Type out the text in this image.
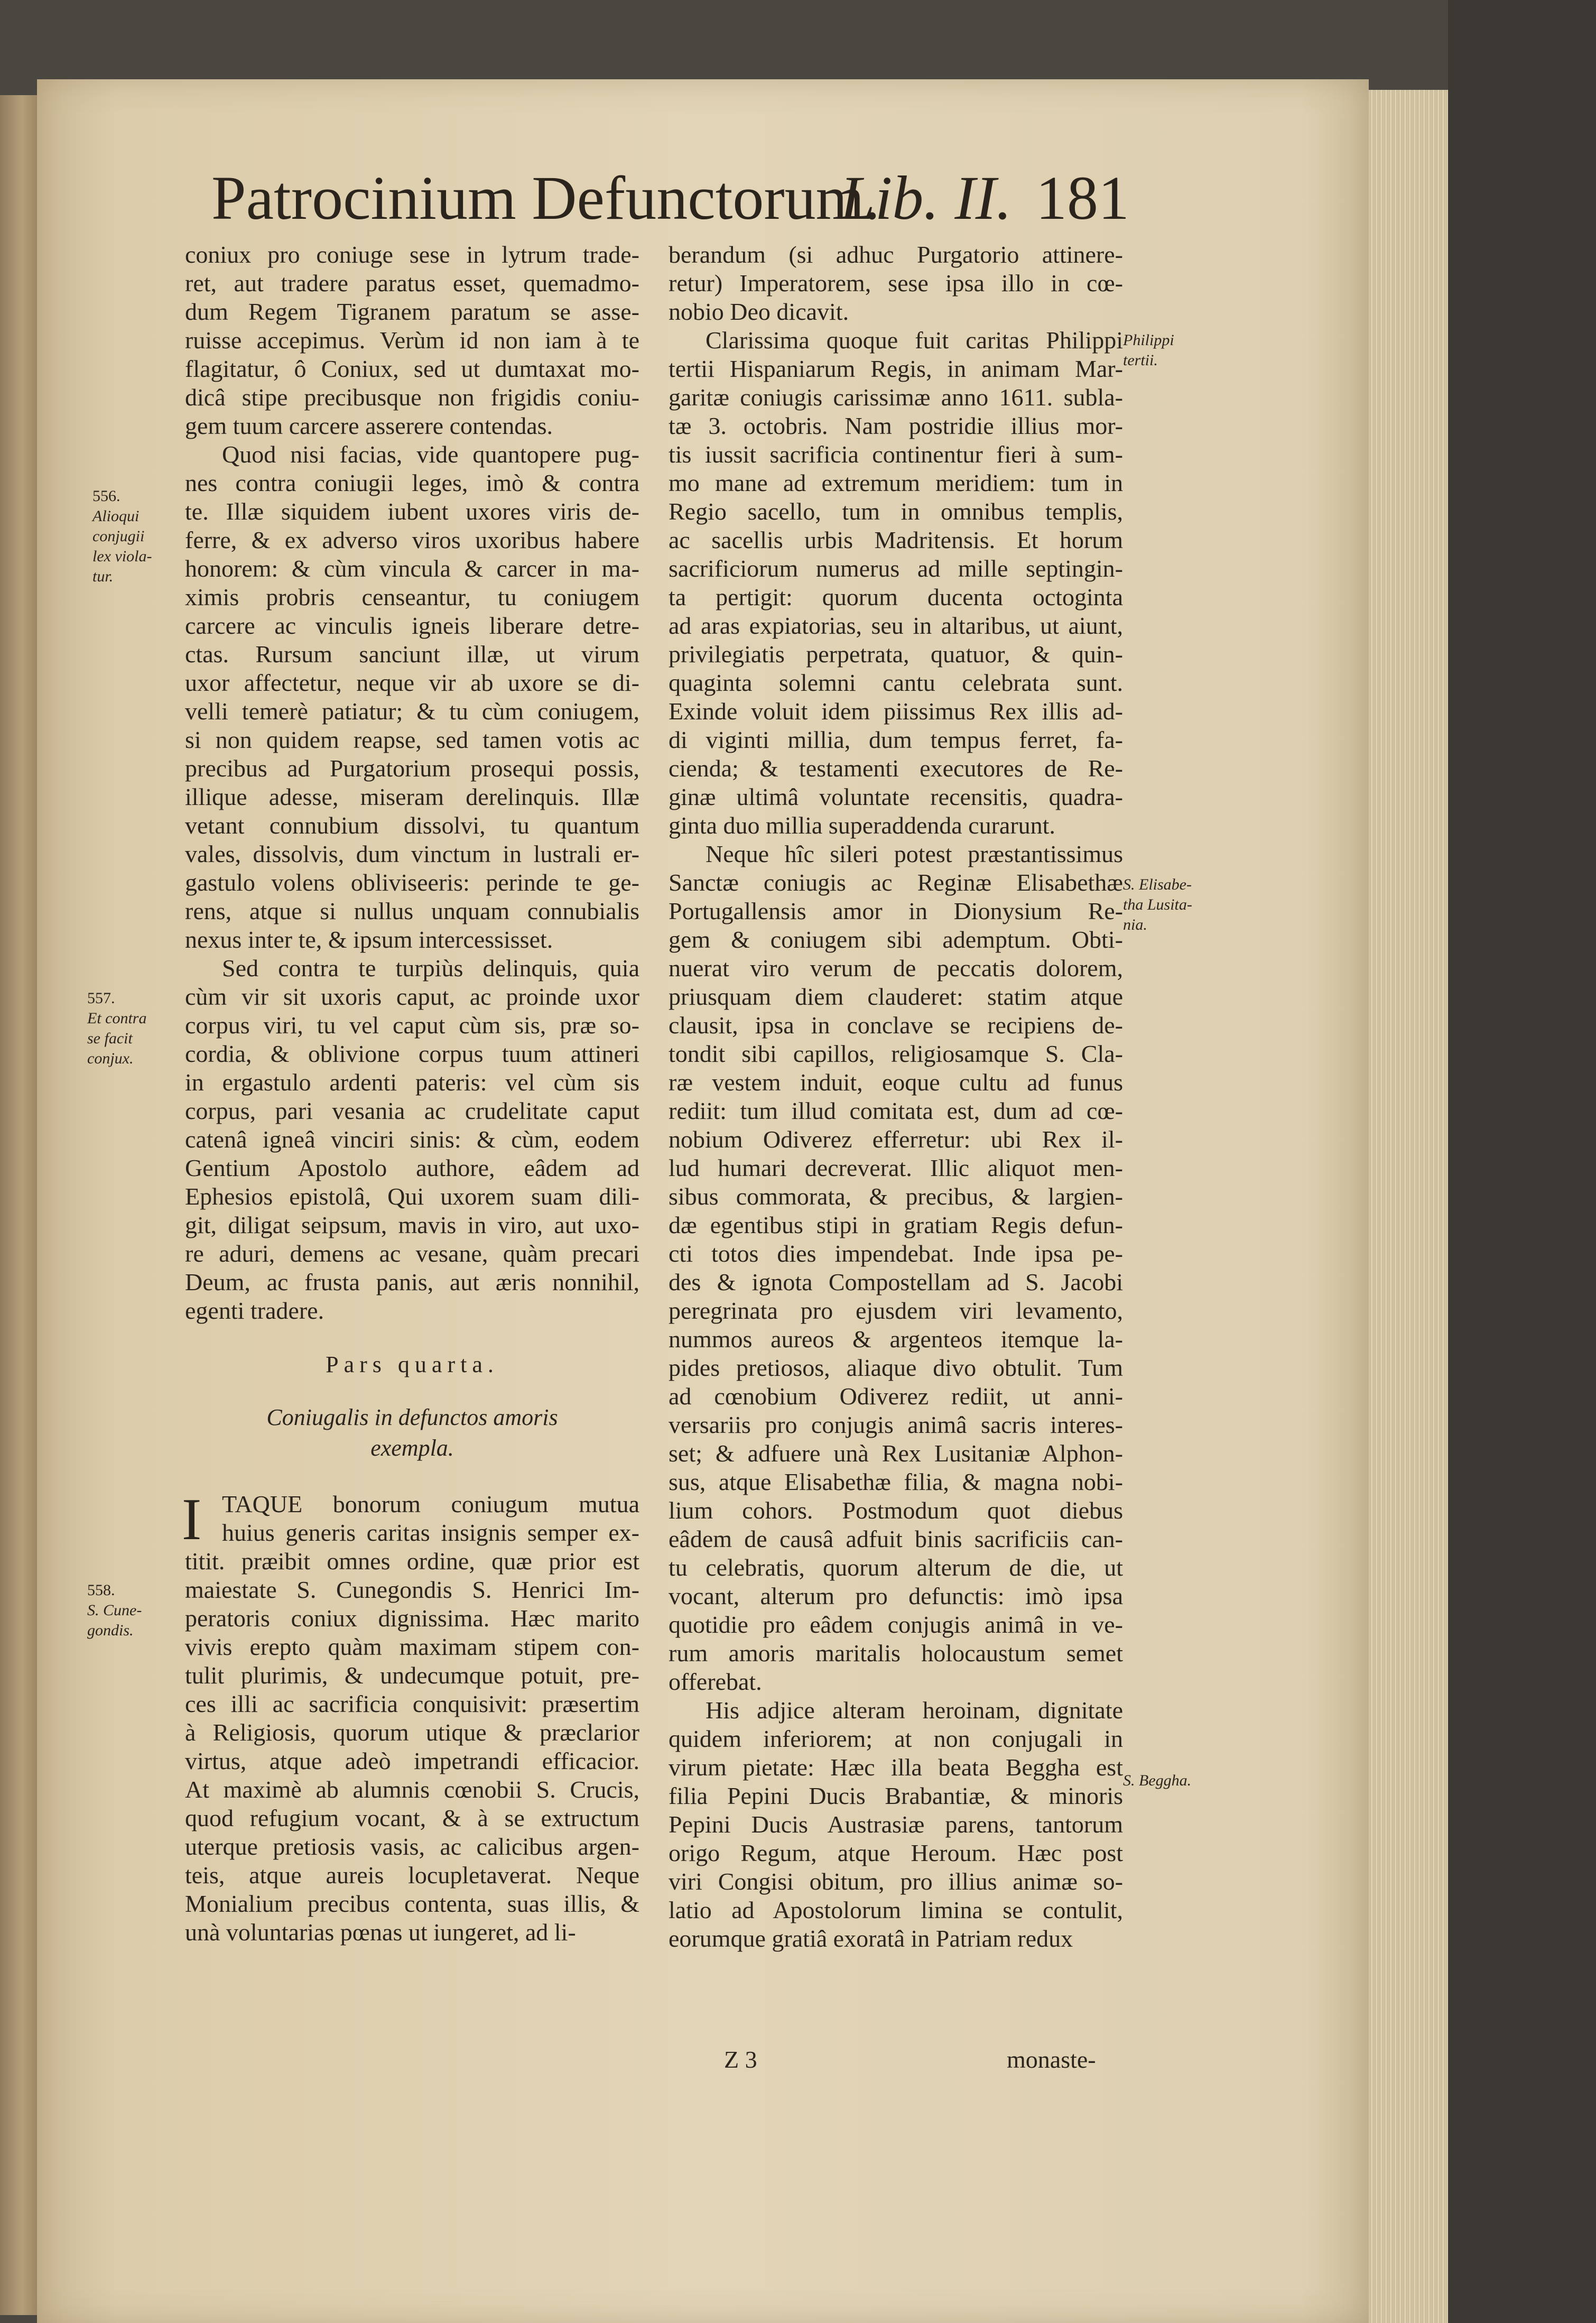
Patrocinium Defunctorum.
Lib. II. 181
coniux pro coniuge sese in lytrum trade-
ret, aut tradere paratus esset, quemadmo-
dum Regem Tigranem paratum se asse-
ruisse accepimus. Verùm id non iam à te
flagitatur, ô Coniux, sed ut dumtaxat mo-
dicâ stipe precibusque non frigidis coniu-
gem tuum carcere asserere contendas.
Quod nisi facias, vide quantopere pug-
nes contra coniugii leges, imò & contra
te. Illæ siquidem iubent uxores viris de-
ferre, & ex adverso viros uxoribus habere
honorem: & cùm vincula & carcer in ma-
ximis probris censeantur, tu coniugem
carcere ac vinculis igneis liberare detre-
ctas. Rursum sanciunt illæ, ut virum
uxor affectetur, neque vir ab uxore se di-
velli temerè patiatur; & tu cùm coniugem,
si non quidem reapse, sed tamen votis ac
precibus ad Purgatorium prosequi possis,
illique adesse, miseram derelinquis. Illæ
vetant connubium dissolvi, tu quantum
vales, dissolvis, dum vinctum in lustrali er-
gastulo volens obliviseeris: perinde te ge-
rens, atque si nullus unquam connubialis
nexus inter te, & ipsum intercessisset.
Sed contra te turpiùs delinquis, quia
cùm vir sit uxoris caput, ac proinde uxor
corpus viri, tu vel caput cùm sis, præ so-
cordia, & oblivione corpus tuum attineri
in ergastulo ardenti pateris: vel cùm sis
corpus, pari vesania ac crudelitate caput
catenâ igneâ vinciri sinis: & cùm, eodem
Gentium Apostolo authore, eâdem ad
Ephesios epistolâ, Qui uxorem suam dili-
git, diligat seipsum, mavis in viro, aut uxo-
re aduri, demens ac vesane, quàm precari
Deum, ac frusta panis, aut æris nonnihil,
egenti tradere.
Pars quarta.
Coniugalis in defunctos amoris
exempla.
I TAQUE bonorum coniugum mutua
huius generis caritas insignis semper ex-
titit. præibit omnes ordine, quæ prior est
maiestate S. Cunegondis S. Henrici Im-
peratoris coniux dignissima. Hæc marito
vivis erepto quàm maximam stipem con-
tulit plurimis, & undecumque potuit, pre-
ces illi ac sacrificia conquisivit: præsertim
à Religiosis, quorum utique & præclarior
virtus, atque adeò impetrandi efficacior.
At maximè ab alumnis cœnobii S. Crucis,
quod refugium vocant, & à se extructum
uterque pretiosis vasis, ac calicibus argen-
teis, atque aureis locupletaverat. Neque
Monialium precibus contenta, suas illis, &
unà voluntarias pœnas ut iungeret, ad li-
berandum (si adhuc Purgatorio attinere-
retur) Imperatorem, sese ipsa illo in cœ-
nobio Deo dicavit.
Clarissima quoque fuit caritas Philippi
tertii Hispaniarum Regis, in animam Mar-
garitæ coniugis carissimæ anno 1611. subla-
tæ 3. octobris. Nam postridie illius mor-
tis iussit sacrificia continentur fieri à sum-
mo mane ad extremum meridiem: tum in
Regio sacello, tum in omnibus templis,
ac sacellis urbis Madritensis. Et horum
sacrificiorum numerus ad mille septingin-
ta pertigit: quorum ducenta octoginta
ad aras expiatorias, seu in altaribus, ut aiunt,
privilegiatis perpetrata, quatuor, & quin-
quaginta solemni cantu celebrata sunt.
Exinde voluit idem piissimus Rex illis ad-
di viginti millia, dum tempus ferret, fa-
cienda; & testamenti executores de Re-
ginæ ultimâ voluntate recensitis, quadra-
ginta duo millia superaddenda curarunt.
Neque hîc sileri potest præstantissimus
Sanctæ coniugis ac Reginæ Elisabethæ
Portugallensis amor in Dionysium Re-
gem & coniugem sibi ademptum. Obti-
nuerat viro verum de peccatis dolorem,
priusquam diem clauderet: statim atque
clausit, ipsa in conclave se recipiens de-
tondit sibi capillos, religiosamque S. Cla-
ræ vestem induit, eoque cultu ad funus
rediit: tum illud comitata est, dum ad cœ-
nobium Odiverez efferretur: ubi Rex il-
lud humari decreverat. Illic aliquot men-
sibus commorata, & precibus, & largien-
dæ egentibus stipi in gratiam Regis defun-
cti totos dies impendebat. Inde ipsa pe-
des & ignota Compostellam ad S. Jacobi
peregrinata pro ejusdem viri levamento,
nummos aureos & argenteos itemque la-
pides pretiosos, aliaque divo obtulit. Tum
ad cœnobium Odiverez rediit, ut anni-
versariis pro conjugis animâ sacris interes-
set; & adfuere unà Rex Lusitaniæ Alphon-
sus, atque Elisabethæ filia, & magna nobi-
lium cohors. Postmodum quot diebus
eâdem de causâ adfuit binis sacrificiis can-
tu celebratis, quorum alterum de die, ut
vocant, alterum pro defunctis: imò ipsa
quotidie pro eâdem conjugis animâ in ve-
rum amoris maritalis holocaustum semet
offerebat.
His adjice alteram heroinam, dignitate
quidem inferiorem; at non conjugali in
virum pietate: Hæc illa beata Beggha est
filia Pepini Ducis Brabantiæ, & minoris
Pepini Ducis Austrasiæ parens, tantorum
origo Regum, atque Heroum. Hæc post
viri Congisi obitum, pro illius animæ so-
latio ad Apostolorum limina se contulit,
eorumque gratiâ exoratâ in Patriam redux
556.
Alioqui
conjugii
lex viola-
tur.
557.
Et contra
se facit
conjux.
558.
S. Cune-
gondis.
Philippi
tertii.
S. Elisabe-
tha Lusita-
nia.
S. Beggha.
Z 3	monaste-
